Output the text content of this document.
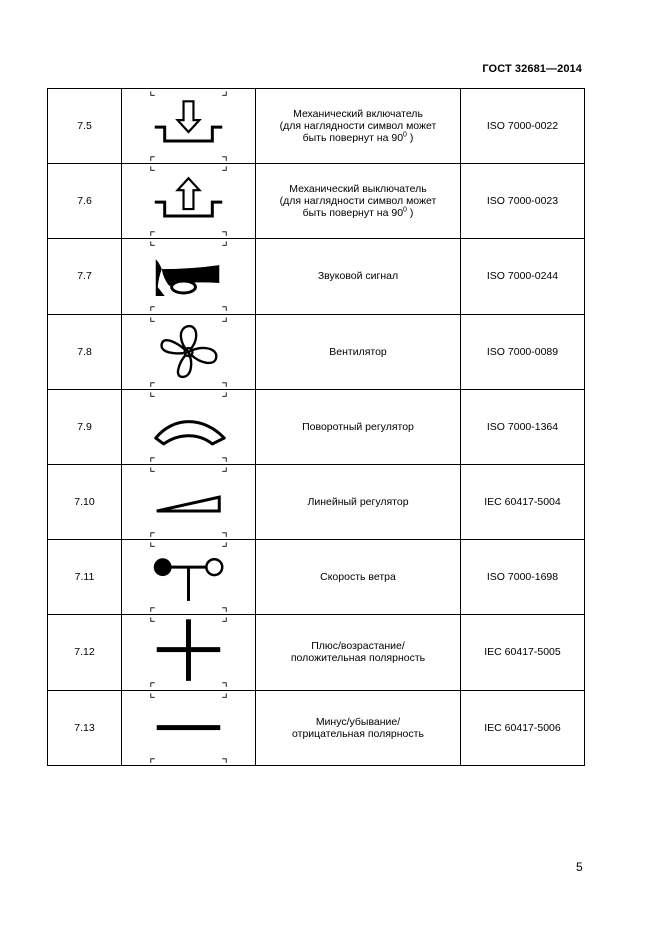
ГОСТ 32681—2014
7.5		Механический включатель
(для наглядности символ может
быть повернут на $90^0$ )	ISO 7000-0022
7.6		Механический выключатель
(для наглядности символ может
быть повернут на $90^0$ )	ISO 7000-0023
7.7		Звуковой сигнал	ISO 7000-0244
7.8		Вентилятор	ISO 7000-0089
7.9		Поворотный регулятор	ISO 7000-1364
7.10		Линейный регулятор	IEC 60417-5004
7.11		Скорость ветра	ISO 7000-1698
7.12		Плюс/возрастание/
положительная полярность	IEC 60417-5005
7.13		Минус/убывание/
отрицательная полярность	IEC 60417-5006
5
